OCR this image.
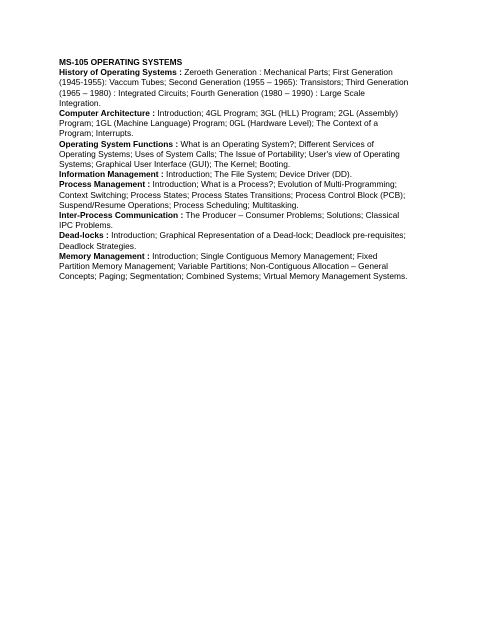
MS-105 OPERATING SYSTEMS

History of Operating Systems : Zeroeth Generation : Mechanical Parts; First Generation (1945-1955): Vaccum Tubes; Second Generation (1955 – 1965): Transistors; Third Generation (1965 – 1980) : Integrated Circuits; Fourth Generation (1980 – 1990) : Large Scale Integration.

Computer Architecture : Introduction; 4GL Program; 3GL (HLL) Program; 2GL (Assembly) Program; 1GL (Machine Language) Program; 0GL (Hardware Level); The Context of a Program; Interrupts.

Operating System Functions : What is an Operating System?; Different Services of Operating Systems; Uses of System Calls; The Issue of Portability; User's view of Operating Systems; Graphical User Interface (GUI); The Kernel; Booting.

Information Management : Introduction; The File System; Device Driver (DD).

Process Management : Introduction; What is a Process?; Evolution of Multi-Programming; Context Switching; Process States; Process States Transitions; Process Control Block (PCB); Suspend/Resume Operations; Process Scheduling; Multitasking.

Inter-Process Communication : The Producer – Consumer Problems; Solutions; Classical IPC Problems.

Dead-locks : Introduction; Graphical Representation of a Dead-lock; Deadlock pre-requisites; Deadlock Strategies.

Memory Management : Introduction; Single Contiguous Memory Management; Fixed Partition Memory Management; Variable Partitions; Non-Contiguous Allocation – General Concepts; Paging; Segmentation; Combined Systems; Virtual Memory Management Systems.
